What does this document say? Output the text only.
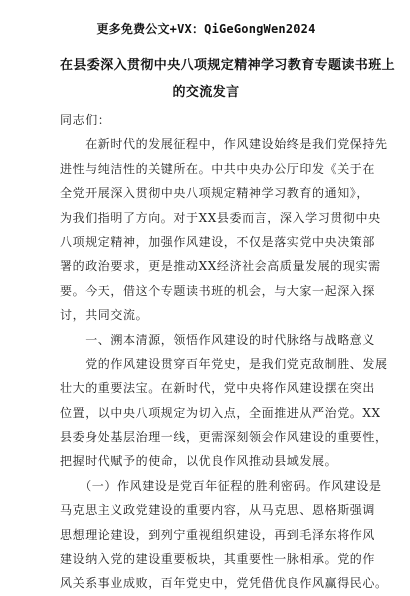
更多免费公文+VX：QiGeGongWen2024
在县委深入贯彻中央八项规定精神学习教育专题读书班上
的交流发言
同志们：
　　在新时代的发展征程中，作风建设始终是我们党保持先
进性与纯洁性的关键所在。中共中央办公厅印发《关于在
全党开展深入贯彻中央八项规定精神学习教育的通知》，
为我们指明了方向。对于XX县委而言，深入学习贯彻中央
八项规定精神，加强作风建设，不仅是落实党中央决策部
署的政治要求，更是推动XX经济社会高质量发展的现实需
要。今天，借这个专题读书班的机会，与大家一起深入探
讨，共同交流。
　　一、溯本清源，领悟作风建设的时代脉络与战略意义
　　党的作风建设贯穿百年党史，是我们党克敌制胜、发展
壮大的重要法宝。在新时代，党中央将作风建设摆在突出
位置，以中央八项规定为切入点，全面推进从严治党。XX
县委身处基层治理一线，更需深刻领会作风建设的重要性，
把握时代赋予的使命，以优良作风推动县域发展。
　　（一）作风建设是党百年征程的胜利密码。作风建设是
马克思主义政党建设的重要内容，从马克思、恩格斯强调
思想理论建设，到列宁重视组织建设，再到毛泽东将作风
建设纳入党的建设重要板块，其重要性一脉相承。党的作
风关系事业成败，百年党史中，党凭借优良作风赢得民心。
